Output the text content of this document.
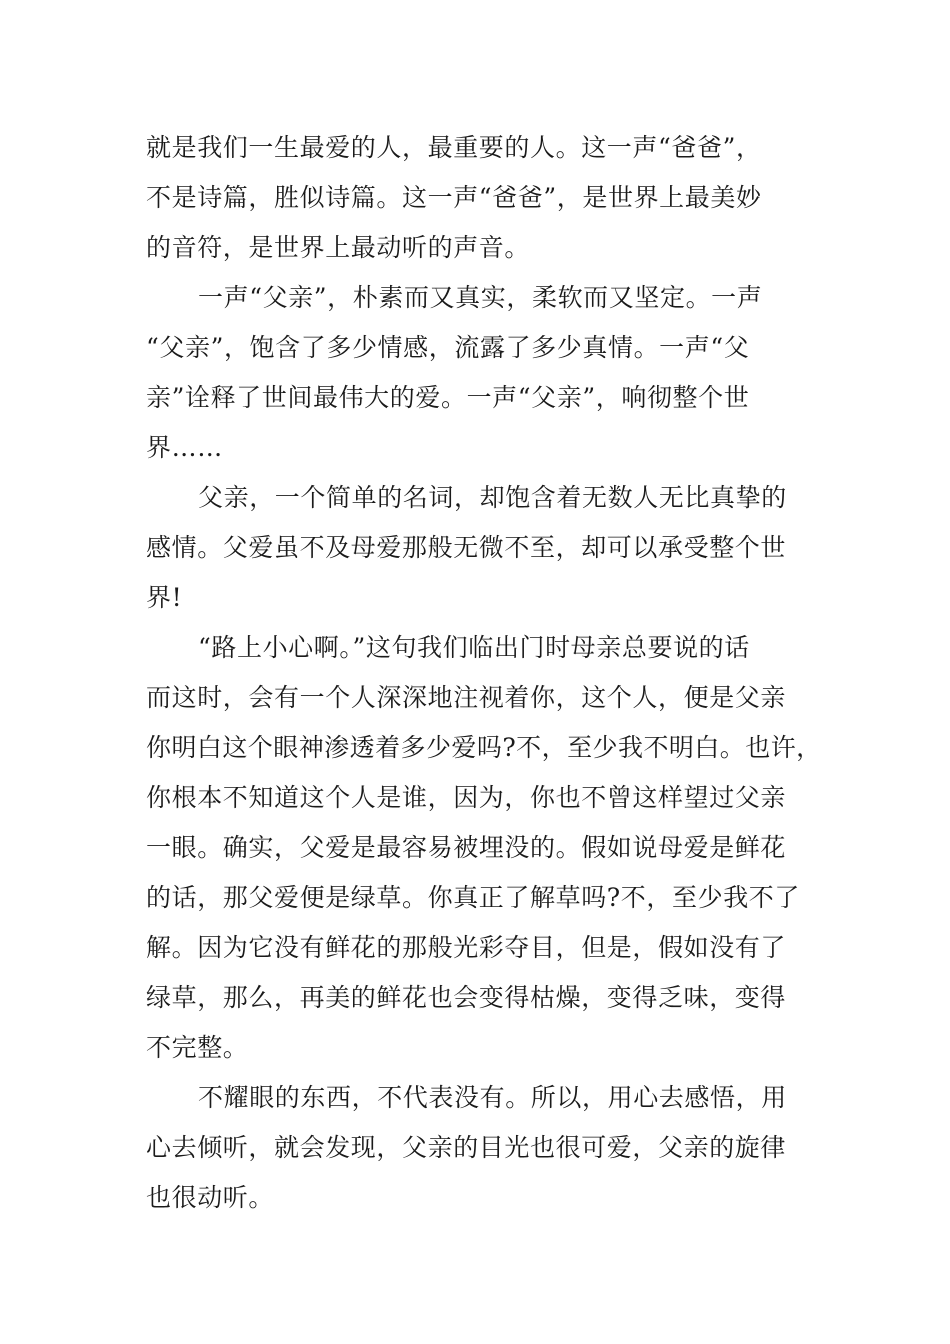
就是我们一生最爱的人，最重要的人。这一声“爸爸”，
不是诗篇，胜似诗篇。这一声“爸爸”，是世界上最美妙
的音符，是世界上最动听的声音。
一声“父亲”，朴素而又真实，柔软而又坚定。一声
“父亲”，饱含了多少情感，流露了多少真情。一声“父
亲”诠释了世间最伟大的爱。一声“父亲”，响彻整个世
界……
父亲，一个简单的名词，却饱含着无数人无比真挚的
感情。父爱虽不及母爱那般无微不至，却可以承受整个世
界!
“路上小心啊。”这句我们临出门时母亲总要说的话
而这时，会有一个人深深地注视着你，这个人，便是父亲
你明白这个眼神渗透着多少爱吗?不，至少我不明白。也许，
你根本不知道这个人是谁，因为，你也不曾这样望过父亲
一眼。确实，父爱是最容易被埋没的。假如说母爱是鲜花
的话，那父爱便是绿草。你真正了解草吗?不，至少我不了
解。因为它没有鲜花的那般光彩夺目，但是，假如没有了
绿草，那么，再美的鲜花也会变得枯燥，变得乏味，变得
不完整。
不耀眼的东西，不代表没有。所以，用心去感悟，用
心去倾听，就会发现，父亲的目光也很可爱，父亲的旋律
也很动听。
